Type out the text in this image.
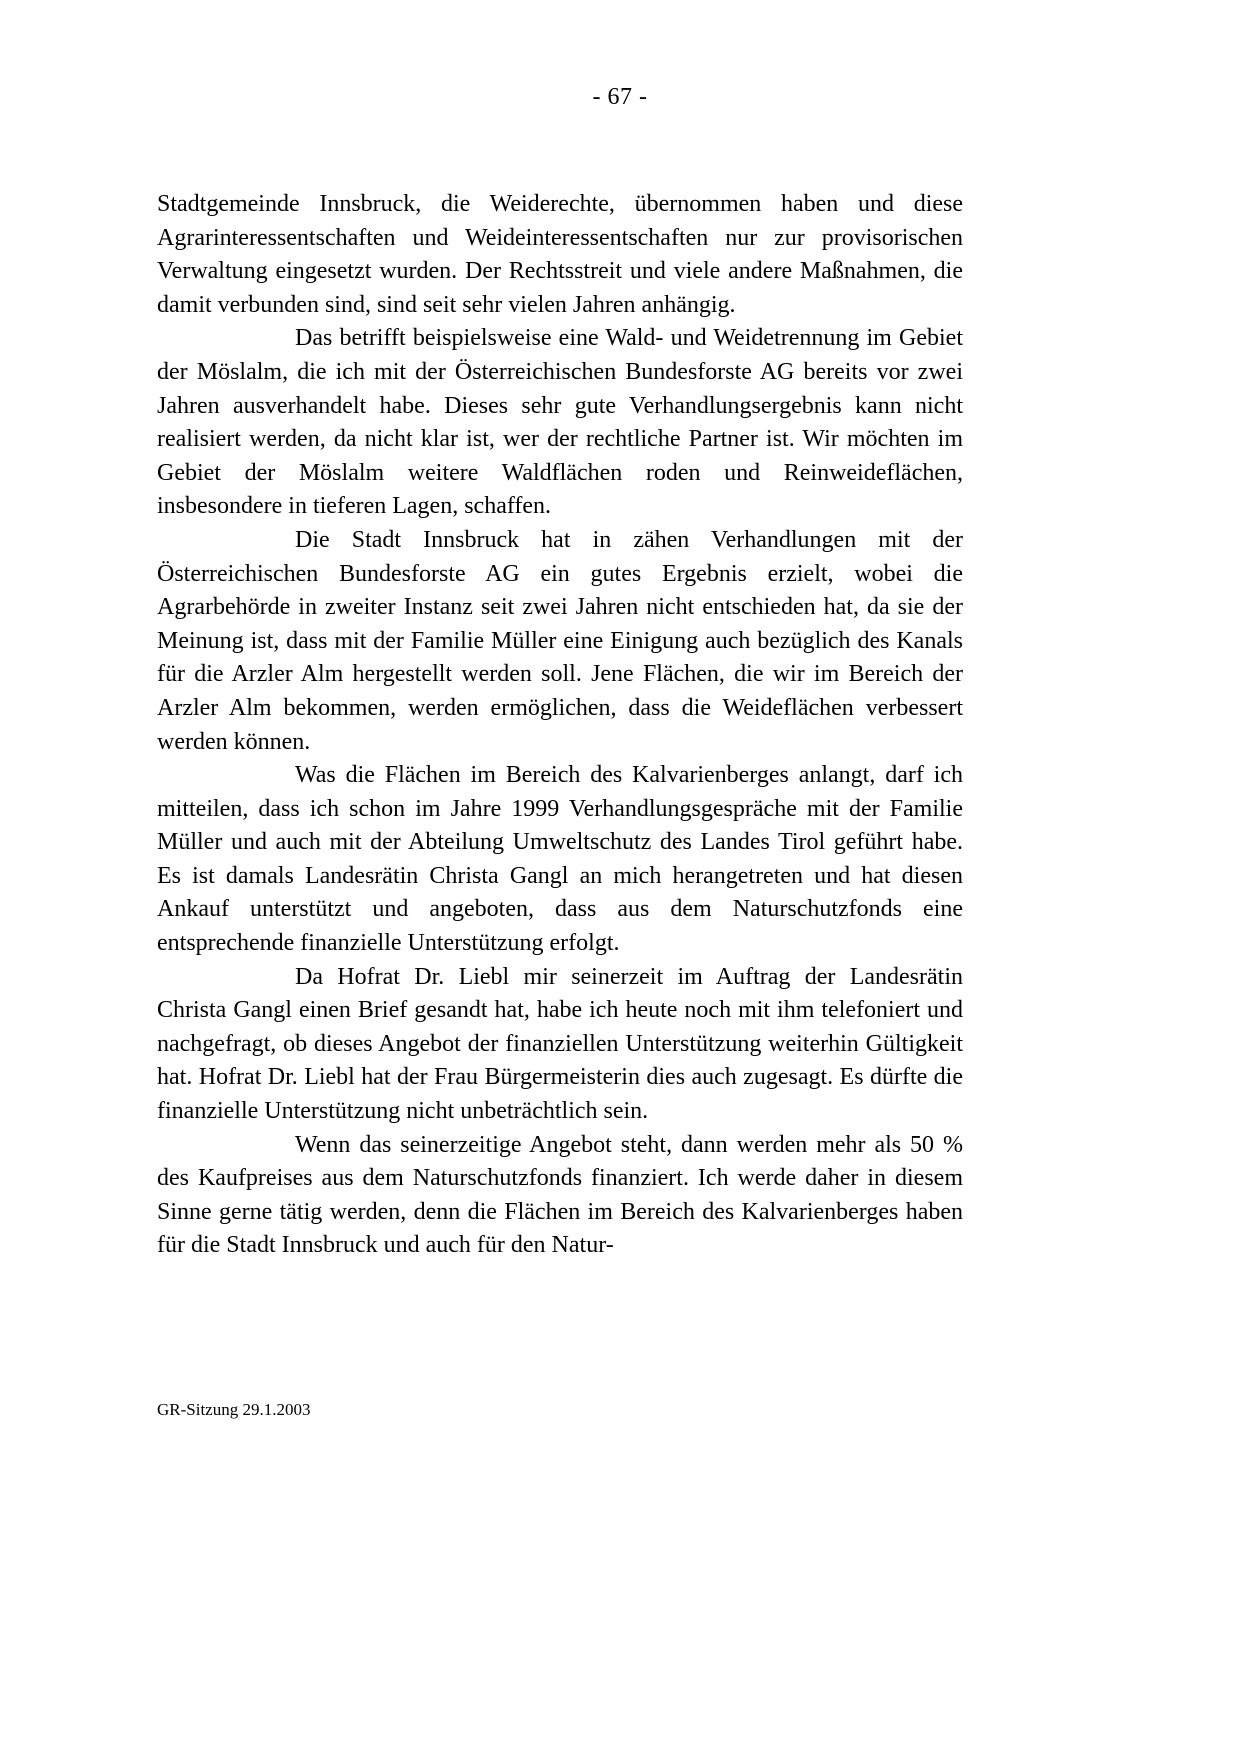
- 67 -

Stadtgemeinde Innsbruck, die Weiderechte, übernommen haben und diese Agrarinteressentschaften und Weideinteressentschaften nur zur provisorischen Verwaltung eingesetzt wurden. Der Rechtsstreit und viele andere Maßnahmen, die damit verbunden sind, sind seit sehr vielen Jahren anhängig.

Das betrifft beispielsweise eine Wald- und Weidetrennung im Gebiet der Möslalm, die ich mit der Österreichischen Bundesforste AG bereits vor zwei Jahren ausverhandelt habe. Dieses sehr gute Verhandlungsergebnis kann nicht realisiert werden, da nicht klar ist, wer der rechtliche Partner ist. Wir möchten im Gebiet der Möslalm weitere Waldflächen roden und Reinweideflächen, insbesondere in tieferen Lagen, schaffen.

Die Stadt Innsbruck hat in zähen Verhandlungen mit der Österreichischen Bundesforste AG ein gutes Ergebnis erzielt, wobei die Agrarbehörde in zweiter Instanz seit zwei Jahren nicht entschieden hat, da sie der Meinung ist, dass mit der Familie Müller eine Einigung auch bezüglich des Kanals für die Arzler Alm hergestellt werden soll. Jene Flächen, die wir im Bereich der Arzler Alm bekommen, werden ermöglichen, dass die Weideflächen verbessert werden können.

Was die Flächen im Bereich des Kalvarienberges anlangt, darf ich mitteilen, dass ich schon im Jahre 1999 Verhandlungsgespräche mit der Familie Müller und auch mit der Abteilung Umweltschutz des Landes Tirol geführt habe. Es ist damals Landesrätin Christa Gangl an mich herangetreten und hat diesen Ankauf unterstützt und angeboten, dass aus dem Naturschutzfonds eine entsprechende finanzielle Unterstützung erfolgt.

Da Hofrat Dr. Liebl mir seinerzeit im Auftrag der Landesrätin Christa Gangl einen Brief gesandt hat, habe ich heute noch mit ihm telefoniert und nachgefragt, ob dieses Angebot der finanziellen Unterstützung weiterhin Gültigkeit hat. Hofrat Dr. Liebl hat der Frau Bürgermeisterin dies auch zugesagt. Es dürfte die finanzielle Unterstützung nicht unbeträchtlich sein.

Wenn das seinerzeitige Angebot steht, dann werden mehr als 50 % des Kaufpreises aus dem Naturschutzfonds finanziert. Ich werde daher in diesem Sinne gerne tätig werden, denn die Flächen im Bereich des Kalvarienberges haben für die Stadt Innsbruck und auch für den Natur-

GR-Sitzung 29.1.2003
